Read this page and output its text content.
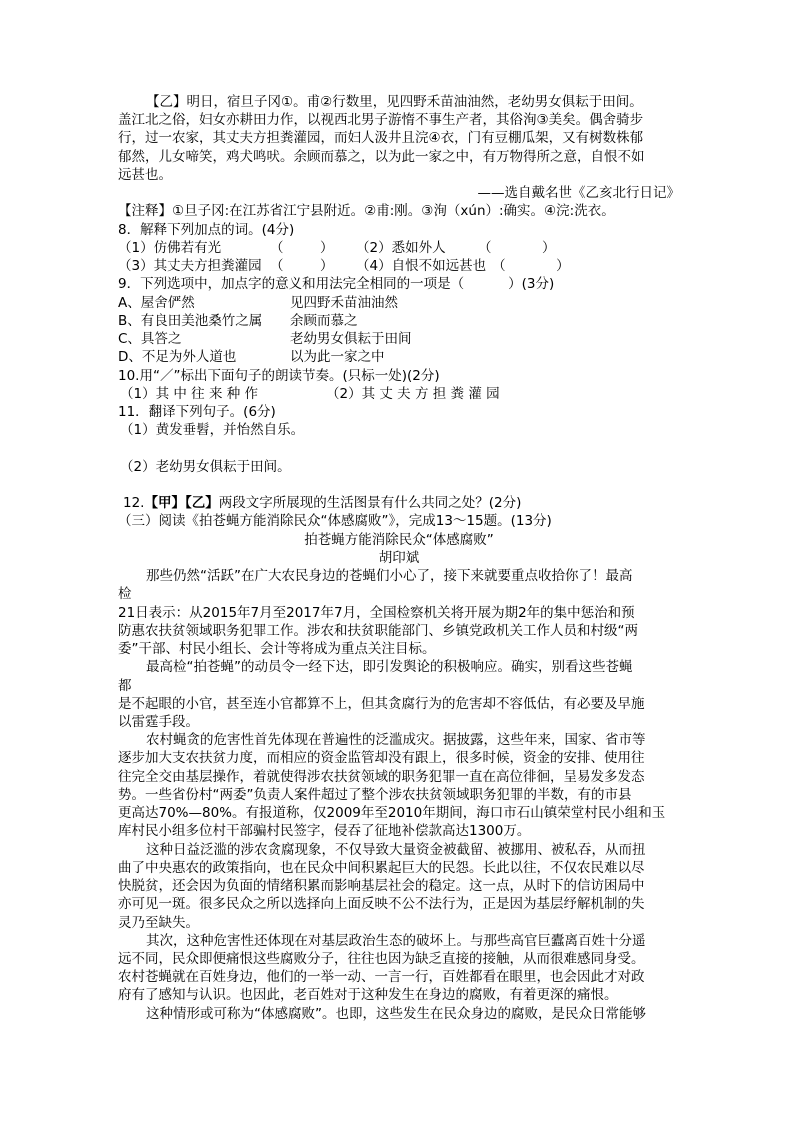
【乙】明日，宿旦子冈①。甫②行数里，见四野禾苗油油然，老幼男女俱耘于田间。
盖江北之俗，妇女亦耕田力作，以视西北男子游惰不事生产者，其俗洵③美矣。偶舍骑步
行，过一农家，其丈夫方担粪灌园，而妇人汲井且浣④衣，门有豆棚瓜架，又有树数株郁
郁然，儿女啼笑，鸡犬鸣吠。余顾而慕之，以为此一家之中，有万物得所之意，自恨不如
远甚也。
——选自戴名世《乙亥北行日记》
【注释】①旦子冈:在江苏省江宁县附近。②甫:刚。③洵（xún）:确实。④浣:洗衣。
8．解释下列加点的词。(4分)
（1）仿佛若有光	（	）	（2）悉如外人	（	）
（3）其丈夫方担粪灌园 （	）	（4）自恨不如远甚也 （	）
9．下列选项中，加点字的意义和用法完全相同的一项是（	）(3分)
A、屋舍俨然	见四野禾苗油油然
B、有良田美池桑竹之属	余顾而慕之
C、具答之	老幼男女俱耘于田间
D、不足为外人道也	以为此一家之中
10.用“／”标出下面句子的朗读节奏。(只标一处)(2分)
（1）其 中 往 来 种 作	（2）其 丈 夫 方 担 粪 灌 园
11．翻译下列句子。(6分)
（1）黄发垂髫，并怡然自乐。
（2）老幼男女俱耘于田间。
12.【甲】【乙】两段文字所展现的生活图景有什么共同之处？(2分)
（三）阅读《拍苍蝇方能消除民众“体感腐败”》，完成13～15题。(13分)
拍苍蝇方能消除民众“体感腐败”
胡印斌
那些仍然“活跃”在广大农民身边的苍蝇们小心了，接下来就要重点收拾你了！最高
检
21日表示：从2015年7月至2017年7月，全国检察机关将开展为期2年的集中惩治和预
防惠农扶贫领域职务犯罪工作。涉农和扶贫职能部门、乡镇党政机关工作人员和村级“两
委”干部、村民小组长、会计等将成为重点关注目标。
最高检“拍苍蝇”的动员令一经下达，即引发舆论的积极响应。确实，别看这些苍蝇
都
是不起眼的小官，甚至连小官都算不上，但其贪腐行为的危害却不容低估，有必要及早施
以雷霆手段。
农村蝇贪的危害性首先体现在普遍性的泛滥成灾。据披露，这些年来，国家、省市等
逐步加大支农扶贫力度，而相应的资金监管却没有跟上，很多时候，资金的安排、使用往
往完全交由基层操作，着就使得涉农扶贫领域的职务犯罪一直在高位徘徊，呈易发多发态
势。一些省份村“两委”负责人案件超过了整个涉农扶贫领域职务犯罪的半数，有的市县
更高达70%—80%。有报道称，仅2009年至2010年期间，海口市石山镇荣堂村民小组和玉
库村民小组多位村干部骗村民签字，侵吞了征地补偿款高达1300万。
这种日益泛滥的涉农贪腐现象，不仅导致大量资金被截留、被挪用、被私吞，从而扭
曲了中央惠农的政策指向，也在民众中间积累起巨大的民怨。长此以往，不仅农民难以尽
快脱贫，还会因为负面的情绪积累而影响基层社会的稳定。这一点，从时下的信访困局中
亦可见一斑。很多民众之所以选择向上面反映不公不法行为，正是因为基层纾解机制的失
灵乃至缺失。
其次，这种危害性还体现在对基层政治生态的破坏上。与那些高官巨蠹离百姓十分遥
远不同，民众即便痛恨这些腐败分子，往往也因为缺乏直接的接触，从而很难感同身受。
农村苍蝇就在百姓身边，他们的一举一动、一言一行，百姓都看在眼里，也会因此才对政
府有了感知与认识。也因此，老百姓对于这种发生在身边的腐败，有着更深的痛恨。
这种情形或可称为“体感腐败”。也即，这些发生在民众身边的腐败，是民众日常能够
